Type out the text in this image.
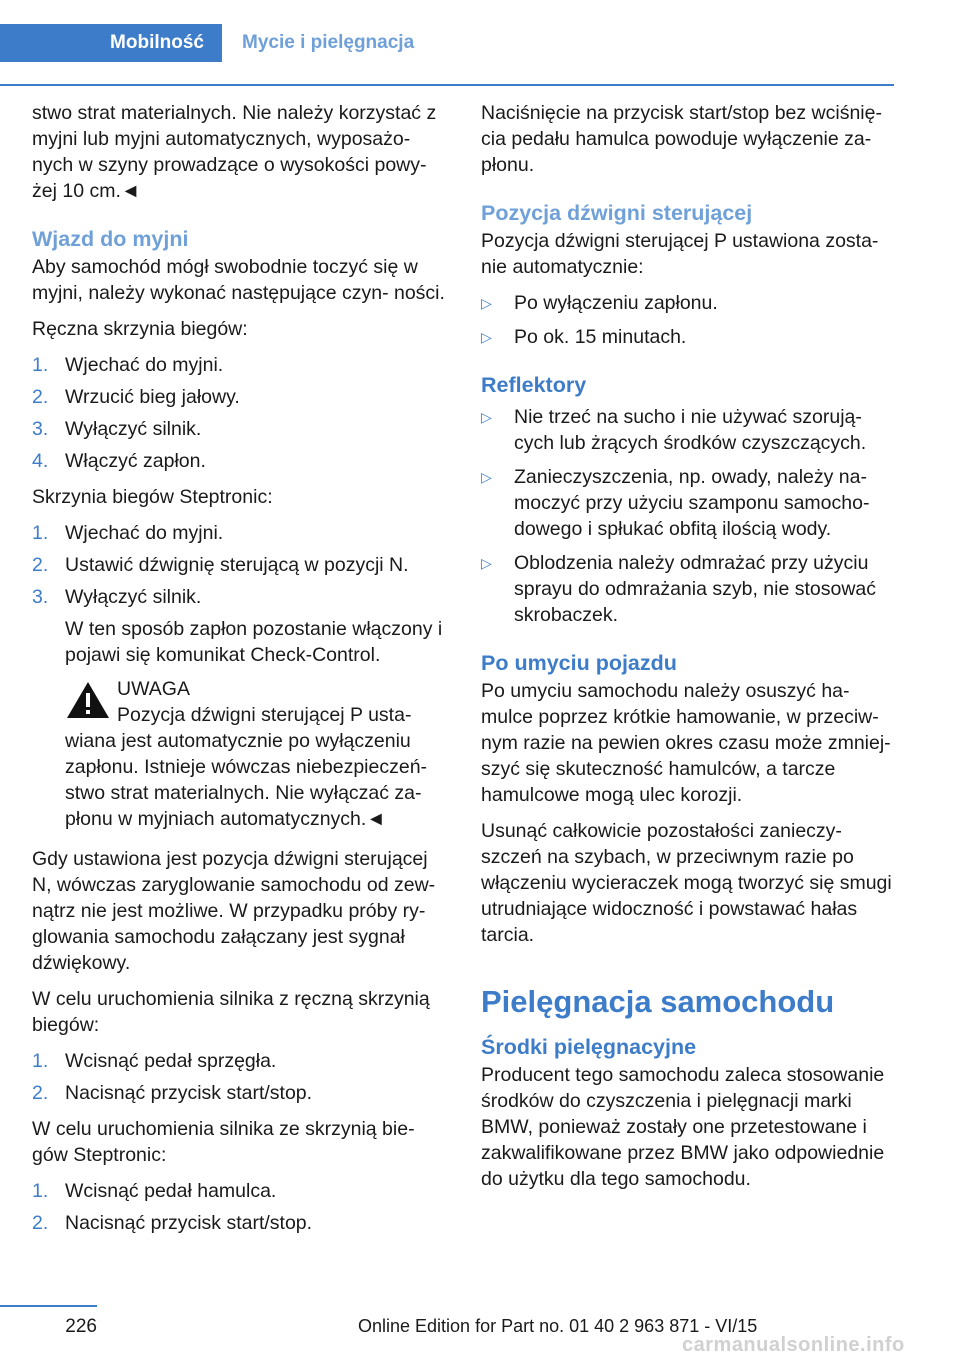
Mobilność	Mycie i pielęgnacja

stwo strat materialnych. Nie należy korzystać z myjni lub myjni automatycznych, wyposażo- nych w szyny prowadzące o wysokości powy- żej 10 cm.◄

Wjazd do myjni

Aby samochód mógł swobodnie toczyć się w myjni, należy wykonać następujące czyn- ności.

Ręczna skrzynia biegów:

1. Wjechać do myjni.
2. Wrzucić bieg jałowy.
3. Wyłączyć silnik.
4. Włączyć zapłon.

Skrzynia biegów Steptronic:

1. Wjechać do myjni.
2. Ustawić dźwignię sterującą w pozycji N.
3. Wyłączyć silnik.
W ten sposób zapłon pozostanie włączony i pojawi się komunikat Check-Control.
UWAGA
Pozycja dźwigni sterującej P usta-
wiana jest automatycznie po wyłączeniu zapłonu. Istnieje wówczas niebezpieczeń- stwo strat materialnych. Nie wyłączać za- płonu w myjniach automatycznych.◄

Gdy ustawiona jest pozycja dźwigni sterującej N, wówczas zaryglowanie samochodu od zew- nątrz nie jest możliwe. W przypadku próby ry- glowania samochodu załączany jest sygnał dźwiękowy.

W celu uruchomienia silnika z ręczną skrzynią biegów:

1. Wcisnąć pedał sprzęgła.
2. Nacisnąć przycisk start/stop.

W celu uruchomienia silnika ze skrzynią bie- gów Steptronic:

1. Wcisnąć pedał hamulca.
2. Nacisnąć przycisk start/stop.

Naciśnięcie na przycisk start/stop bez wciśnię- cia pedału hamulca powoduje wyłączenie za- płonu.

Pozycja dźwigni sterującej

Pozycja dźwigni sterującej P ustawiona zosta- nie automatycznie:

▷ Po wyłączeniu zapłonu.
▷ Po ok. 15 minutach.
Reflektory
▷ Nie trzeć na sucho i nie używać szorują- cych lub żrących środków czyszczących.
▷ Zanieczyszczenia, np. owady, należy na- moczyć przy użyciu szamponu samocho- dowego i spłukać obfitą ilością wody.
▷ Oblodzenia należy odmrażać przy użyciu sprayu do odmrażania szyb, nie stosować skrobaczek.
Po umyciu pojazdu

Po umyciu samochodu należy osuszyć ha- mulce poprzez krótkie hamowanie, w przeciw- nym razie na pewien okres czasu może zmniej- szyć się skuteczność hamulców, a tarcze hamulcowe mogą ulec korozji.

Usunąć całkowicie pozostałości zanieczy- szczeń na szybach, w przeciwnym razie po włączeniu wycieraczek mogą tworzyć się smugi utrudniające widoczność i powstawać hałas tarcia.

Pielęgnacja samochodu
Środki pielęgnacyjne

Producent tego samochodu zaleca stosowanie środków do czyszczenia i pielęgnacji marki BMW, ponieważ zostały one przetestowane i zakwalifikowane przez BMW jako odpowiednie do użytku dla tego samochodu.

226	Online Edition for Part no. 01 40 2 963 871 - VI/15
carmanualsonline.info
